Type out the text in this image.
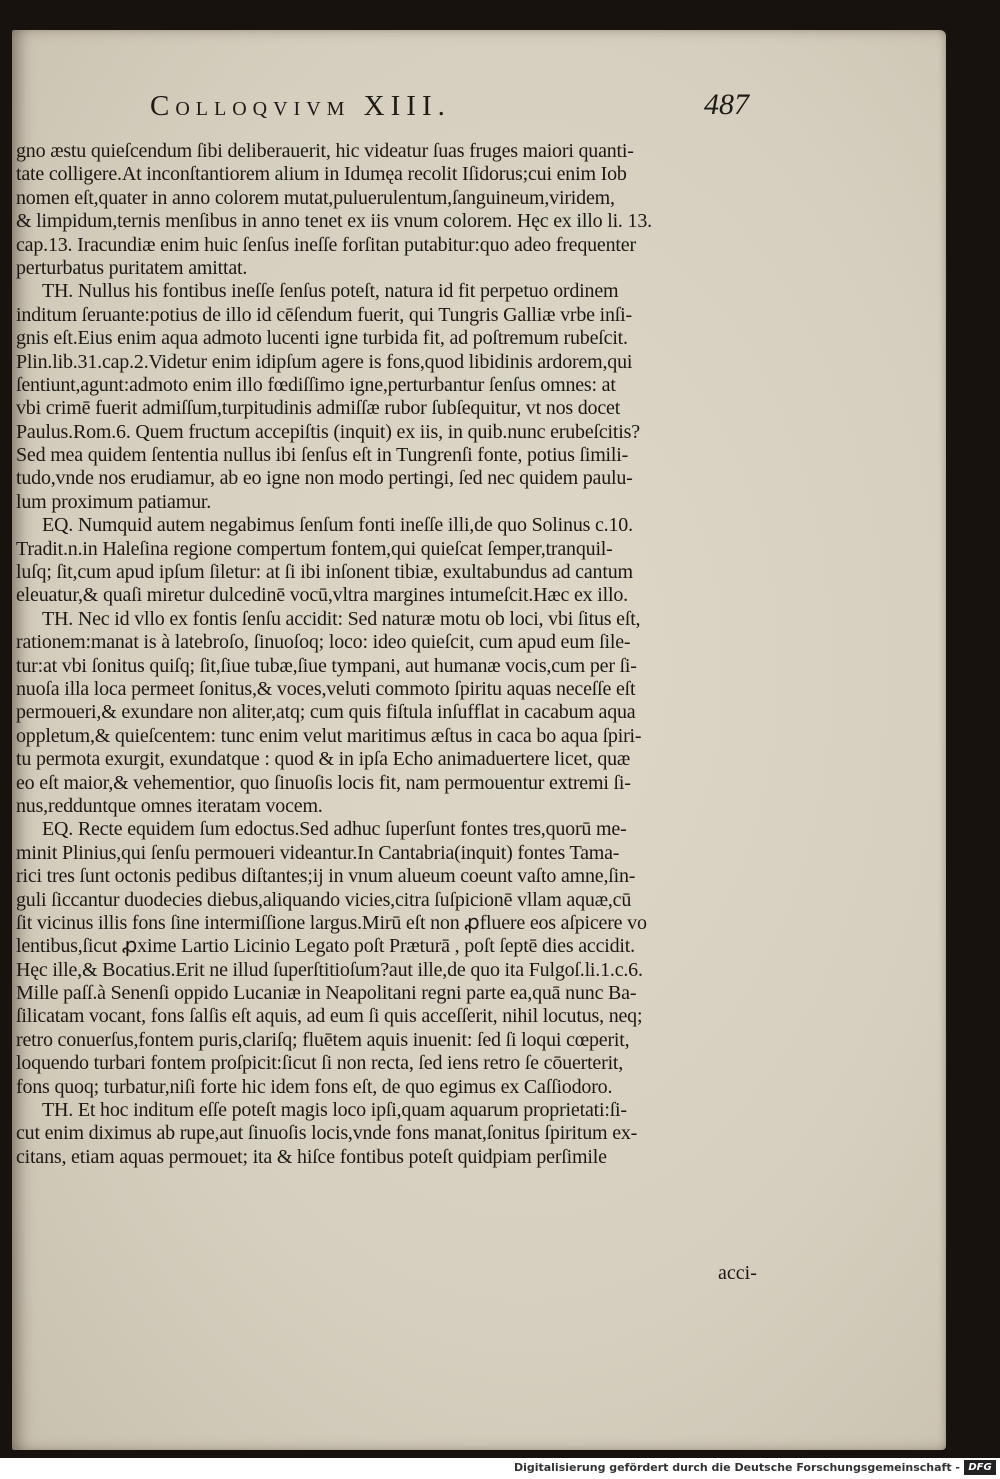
Colloqvivm XIII.	487
gno æstu quieſcendum ſibi deliberauerit, hic videatur ſuas fruges maiori quanti-
tate colligere.At inconſtantiorem alium in Idumęa recolit Iſidorus;cui enim Iob
nomen eſt,quater in anno colorem mutat,puluerulentum,ſanguineum,viridem,
& limpidum,ternis menſibus in anno tenet ex iis vnum colorem. Hęc ex illo li. 13.
cap.13. Iracundiæ enim huic ſenſus ineſſe forſitan putabitur:quo adeo frequenter
perturbatus puritatem amittat.
TH. Nullus his fontibus ineſſe ſenſus poteſt, natura id fit perpetuo ordinem
inditum ſeruante:potius de illo id cēſendum fuerit, qui Tungris Galliæ vrbe inſi-
gnis eſt.Eius enim aqua admoto lucenti igne turbida fit, ad poſtremum rubeſcit.
Plin.lib.31.cap.2.Videtur enim idipſum agere is fons,quod libidinis ardorem,qui
ſentiunt,agunt:admoto enim illo fœdiſſimo igne,perturbantur ſenſus omnes: at
vbi crimē fuerit admiſſum,turpitudinis admiſſæ rubor ſubſequitur, vt nos docet
Paulus.Rom.6. Quem fructum accepiſtis (inquit) ex iis, in quib.nunc erubeſcitis?
Sed mea quidem ſententia nullus ibi ſenſus eſt in Tungrenſi fonte, potius ſimili-
tudo,vnde nos erudiamur, ab eo igne non modo pertingi, ſed nec quidem paulu-
lum proximum patiamur.
EQ. Numquid autem negabimus ſenſum fonti ineſſe illi,de quo Solinus c.10.
Tradit.n.in Haleſina regione compertum fontem,qui quieſcat ſemper,tranquil-
luſq; ſit,cum apud ipſum ſiletur: at ſi ibi inſonent tibiæ, exultabundus ad cantum
eleuatur,& quaſi miretur dulcedinē vocū,vltra margines intumeſcit.Hæc ex illo.
TH. Nec id vllo ex fontis ſenſu accidit: Sed naturæ motu ob loci, vbi ſitus eſt,
rationem:manat is à latebroſo, ſinuoſoq; loco: ideo quieſcit, cum apud eum ſile-
tur:at vbi ſonitus quiſq; ſit,ſiue tubæ,ſiue tympani, aut humanæ vocis,cum per ſi-
nuoſa illa loca permeet ſonitus,& voces,veluti commoto ſpiritu aquas neceſſe eſt
permoueri,& exundare non aliter,atq; cum quis fiſtula inſufflat in cacabum aqua
oppletum,& quieſcentem: tunc enim velut maritimus æſtus in caca bo aqua ſpiri-
tu permota exurgit, exundatque : quod & in ipſa Echo animaduertere licet, quæ
eo eſt maior,& vehementior, quo ſinuoſis locis fit, nam permouentur extremi ſi-
nus,redduntque omnes iteratam vocem.
EQ. Recte equidem ſum edoctus.Sed adhuc ſuperſunt fontes tres,quorū me-
minit Plinius,qui ſenſu permoueri videantur.In Cantabria(inquit) fontes Tama-
rici tres ſunt octonis pedibus diſtantes;ij in vnum alueum coeunt vaſto amne,ſin-
guli ſiccantur duodecies diebus,aliquando vicies,citra ſuſpicionē vllam aquæ,cū
ſit vicinus illis fons ſine intermiſſione largus.Mirū eſt non ꝓfluere eos aſpicere vo
lentibus,ſicut ꝓxime Lartio Licinio Legato poſt Præturā , poſt ſeptē dies accidit.
Hęc ille,& Bocatius.Erit ne illud ſuperſtitioſum?aut ille,de quo ita Fulgoſ.li.1.c.6.
Mille paſſ.à Senenſi oppido Lucaniæ in Neapolitani regni parte ea,quā nunc Ba-
ſilicatam vocant, fons ſalſis eſt aquis, ad eum ſi quis acceſſerit, nihil locutus, neq;
retro conuerſus,fontem puris,clariſq; fluētem aquis inuenit: ſed ſi loqui cœperit,
loquendo turbari fontem proſpicit:ſicut ſi non recta, ſed iens retro ſe cōuerterit,
fons quoq; turbatur,niſi forte hic idem fons eſt, de quo egimus ex Caſſiodoro.
TH. Et hoc inditum eſſe poteſt magis loco ipſi,quam aquarum proprietati:ſi-
cut enim diximus ab rupe,aut ſinuoſis locis,vnde fons manat,ſonitus ſpiritum ex-
citans, etiam aquas permouet; ita & hiſce fontibus poteſt quidpiam perſimile
acci-
Digitalisierung gefördert durch die Deutsche Forschungsgemeinschaft - DFG
